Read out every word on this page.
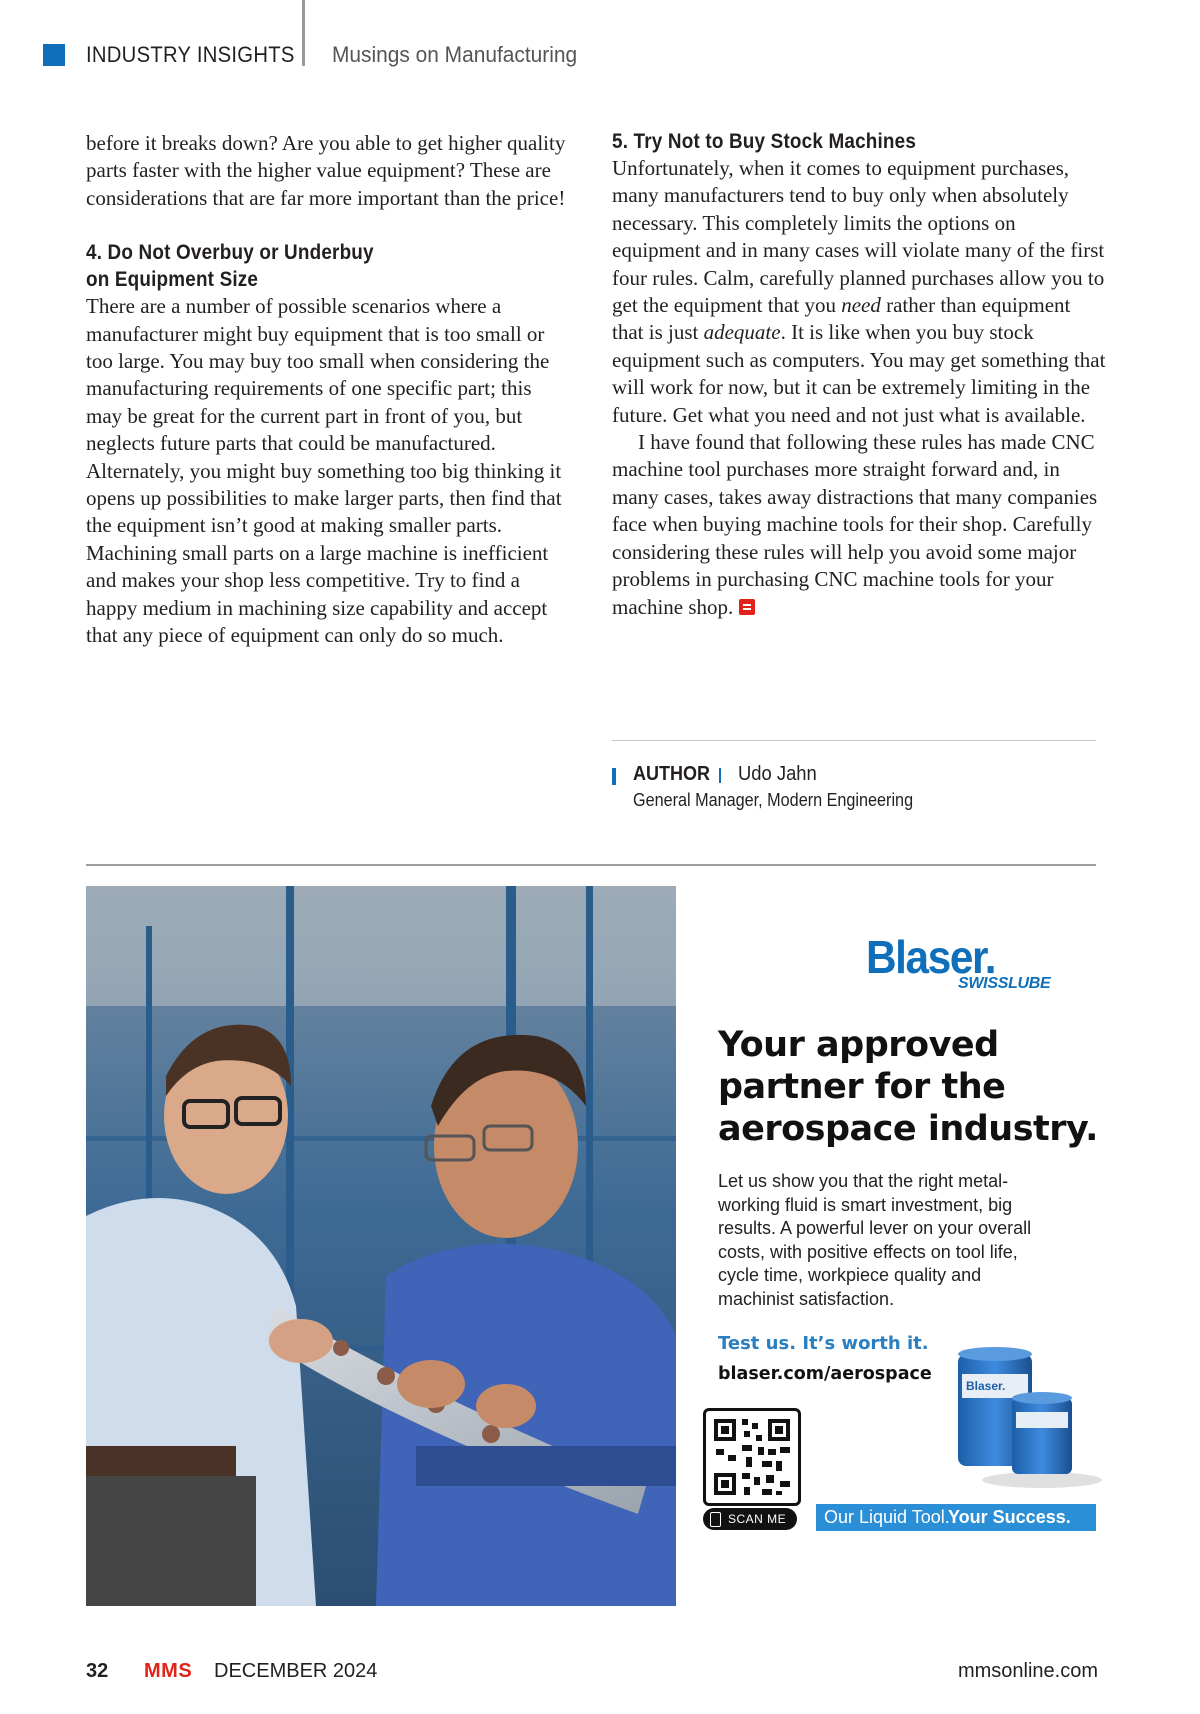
INDUSTRY INSIGHTS Musings on Manufacturing

before it breaks down? Are you able to get higher quality parts faster with the higher value equipment? These are considerations that are far more important than the price!

4. Do Not Overbuy or Underbuy
on Equipment Size

There are a number of possible scenarios where a manufacturer might buy equipment that is too small or too large. You may buy too small when considering the manufacturing requirements of one specific part; this may be great for the current part in front of you, but neglects future parts that could be manufactured. Alternately, you might buy something too big thinking it opens up possibilities to make larger parts, then find that the equipment isn’t good at making smaller parts. Machining small parts on a large machine is inefficient and makes your shop less competitive. Try to find a happy medium in machining size capability and accept that any piece of equipment can only do so much.

5. Try Not to Buy Stock Machines

Unfortunately, when it comes to equipment purchases, many manufacturers tend to buy only when absolutely necessary. This completely limits the options on equipment and in many cases will violate many of the first four rules. Calm, carefully planned purchases allow you to get the equipment that you need rather than equipment that is just adequate. It is like when you buy stock equipment such as computers. You may get something that will work for now, but it can be extremely limiting in the future. Get what you need and not just what is available.

I have found that following these rules has made CNC machine tool purchases more straight forward and, in many cases, takes away distractions that many companies face when buying machine tools for their shop. Carefully considering these rules will help you avoid some major problems in purchasing CNC machine tools for your machine shop.

AUTHOR Udo Jahn
General Manager, Modern Engineering
Blaser.
SWISSLUBE
Your approved
partner for the
aerospace industry.
Let us show you that the right metal-working fluid is smart investment, big results. A powerful lever on your overall costs, with positive effects on tool life, cycle time, workpiece quality and machinist satisfaction.
Test us. It’s worth it.
blaser.com/aerospace
SCAN ME
Blaser.
Our Liquid Tool.
Your Success.
32 MMS DECEMBER 2024	mmsonline.com
